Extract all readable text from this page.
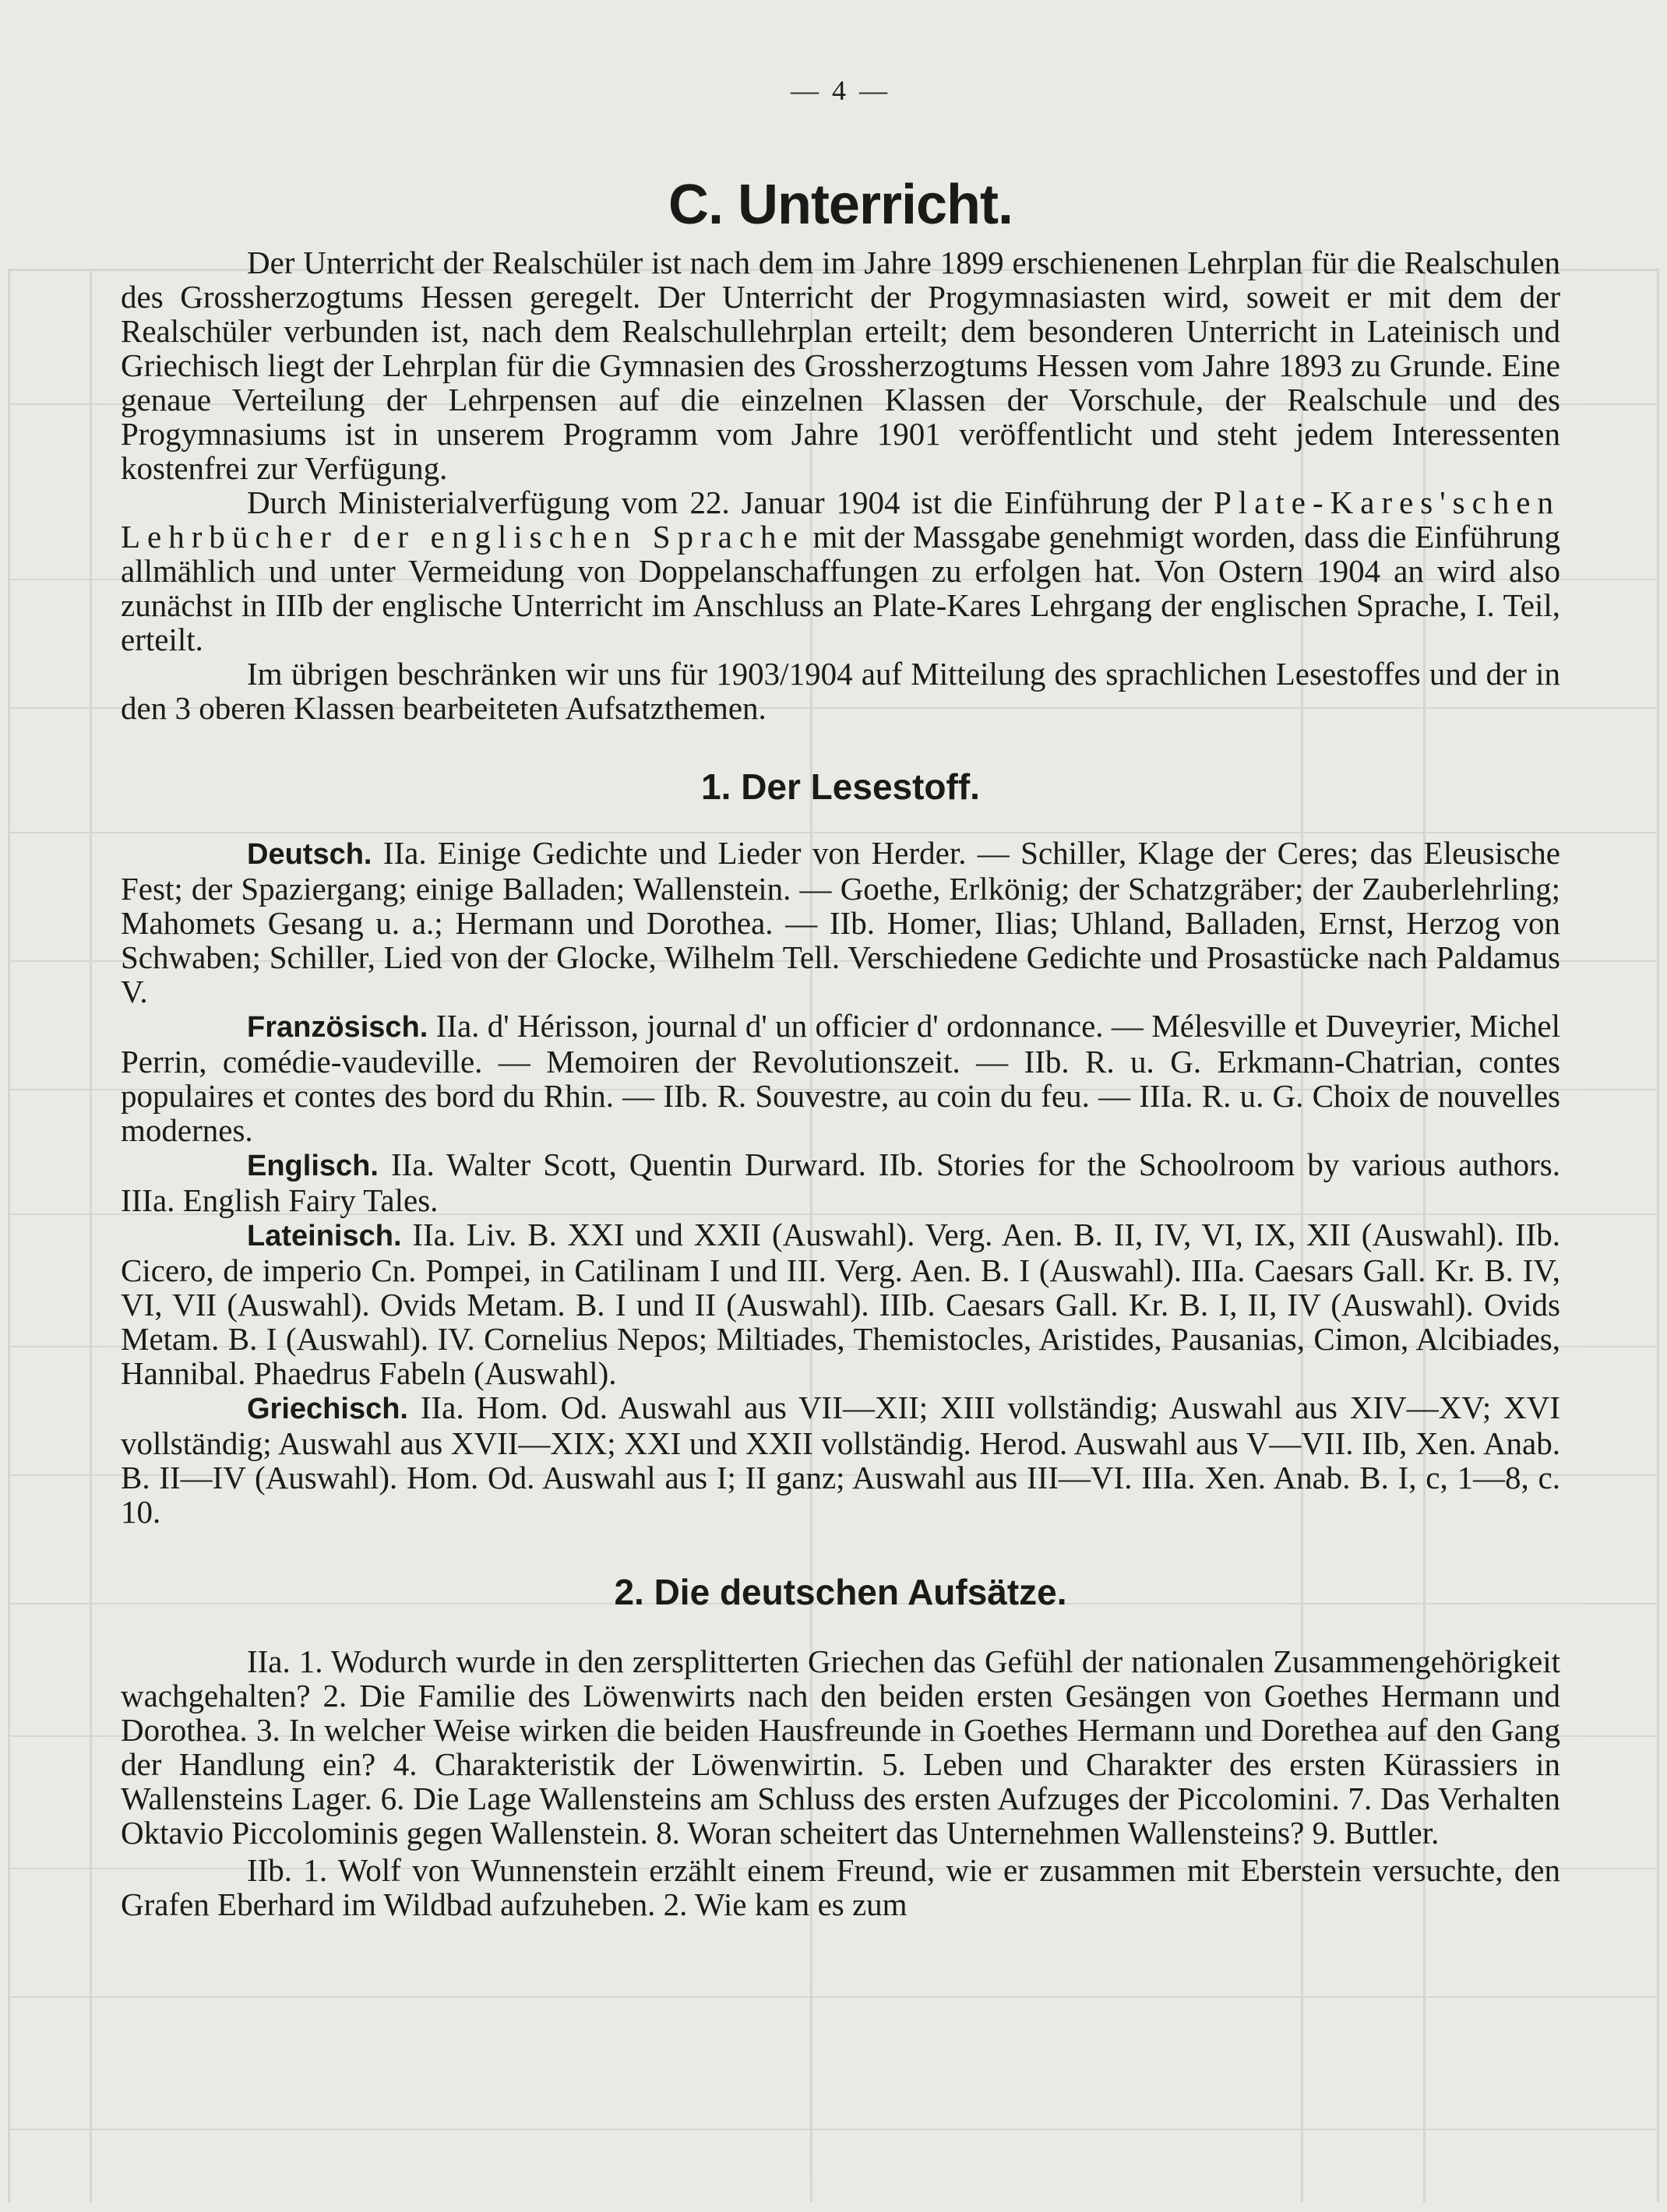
— 4 —
C. Unterricht.

Der Unterricht der Realschüler ist nach dem im Jahre 1899 erschienenen Lehrplan für die Realschulen des Grossherzogtums Hessen geregelt. Der Unterricht der Progymnasiasten wird, soweit er mit dem der Realschüler verbunden ist, nach dem Realschullehrplan erteilt; dem besonderen Unterricht in Lateinisch und Griechisch liegt der Lehrplan für die Gymnasien des Grossherzogtums Hessen vom Jahre 1893 zu Grunde. Eine genaue Verteilung der Lehrpensen auf die einzelnen Klassen der Vorschule, der Realschule und des Progymnasiums ist in unserem Programm vom Jahre 1901 veröffentlicht und steht jedem Interessenten kostenfrei zur Verfügung.

Durch Ministerialverfügung vom 22. Januar 1904 ist die Einführung der Plate-Kares'schen Lehrbücher der englischen Sprache mit der Massgabe genehmigt worden, dass die Einführung allmählich und unter Vermeidung von Doppelanschaffungen zu erfolgen hat. Von Ostern 1904 an wird also zunächst in IIIb der englische Unterricht im Anschluss an Plate-Kares Lehrgang der englischen Sprache, I. Teil, erteilt.

Im übrigen beschränken wir uns für 1903/1904 auf Mitteilung des sprachlichen Lesestoffes und der in den 3 oberen Klassen bearbeiteten Aufsatzthemen.

1. Der Lesestoff.

Deutsch. IIa. Einige Gedichte und Lieder von Herder. — Schiller, Klage der Ceres; das Eleusische Fest; der Spaziergang; einige Balladen; Wallenstein. — Goethe, Erlkönig; der Schatzgräber; der Zauberlehrling; Mahomets Gesang u. a.; Hermann und Dorothea. — IIb. Homer, Ilias; Uhland, Balladen, Ernst, Herzog von Schwaben; Schiller, Lied von der Glocke, Wilhelm Tell. Verschiedene Gedichte und Prosastücke nach Paldamus V.

Französisch. IIa. d' Hérisson, journal d' un officier d' ordonnance. — Mélesville et Duveyrier, Michel Perrin, comédie-vaudeville. — Memoiren der Revolutionszeit. — IIb. R. u. G. Erkmann-Chatrian, contes populaires et contes des bord du Rhin. — IIb. R. Souvestre, au coin du feu. — IIIa. R. u. G. Choix de nouvelles modernes.

Englisch. IIa. Walter Scott, Quentin Durward. IIb. Stories for the Schoolroom by various authors. IIIa. English Fairy Tales.

Lateinisch. IIa. Liv. B. XXI und XXII (Auswahl). Verg. Aen. B. II, IV, VI, IX, XII (Auswahl). IIb. Cicero, de imperio Cn. Pompei, in Catilinam I und III. Verg. Aen. B. I (Auswahl). IIIa. Caesars Gall. Kr. B. IV, VI, VII (Auswahl). Ovids Metam. B. I und II (Auswahl). IIIb. Caesars Gall. Kr. B. I, II, IV (Auswahl). Ovids Metam. B. I (Auswahl). IV. Cornelius Nepos; Miltiades, Themistocles, Aristides, Pausanias, Cimon, Alcibiades, Hannibal. Phaedrus Fabeln (Auswahl).

Griechisch. IIa. Hom. Od. Auswahl aus VII—XII; XIII vollständig; Auswahl aus XIV—XV; XVI vollständig; Auswahl aus XVII—XIX; XXI und XXII vollständig. Herod. Auswahl aus V—VII. IIb, Xen. Anab. B. II—IV (Auswahl). Hom. Od. Auswahl aus I; II ganz; Auswahl aus III—VI. IIIa. Xen. Anab. B. I, c, 1—8, c. 10.

2. Die deutschen Aufsätze.

IIa. 1. Wodurch wurde in den zersplitterten Griechen das Gefühl der nationalen Zusammengehörigkeit wachgehalten? 2. Die Familie des Löwenwirts nach den beiden ersten Gesängen von Goethes Hermann und Dorothea. 3. In welcher Weise wirken die beiden Hausfreunde in Goethes Hermann und Dorethea auf den Gang der Handlung ein? 4. Charakteristik der Löwenwirtin. 5. Leben und Charakter des ersten Kürassiers in Wallensteins Lager. 6. Die Lage Wallensteins am Schluss des ersten Aufzuges der Piccolomini. 7. Das Verhalten Oktavio Piccolominis gegen Wallenstein. 8. Woran scheitert das Unternehmen Wallensteins? 9. Buttler.

IIb. 1. Wolf von Wunnenstein erzählt einem Freund, wie er zusammen mit Eberstein versuchte, den Grafen Eberhard im Wildbad aufzuheben. 2. Wie kam es zum
